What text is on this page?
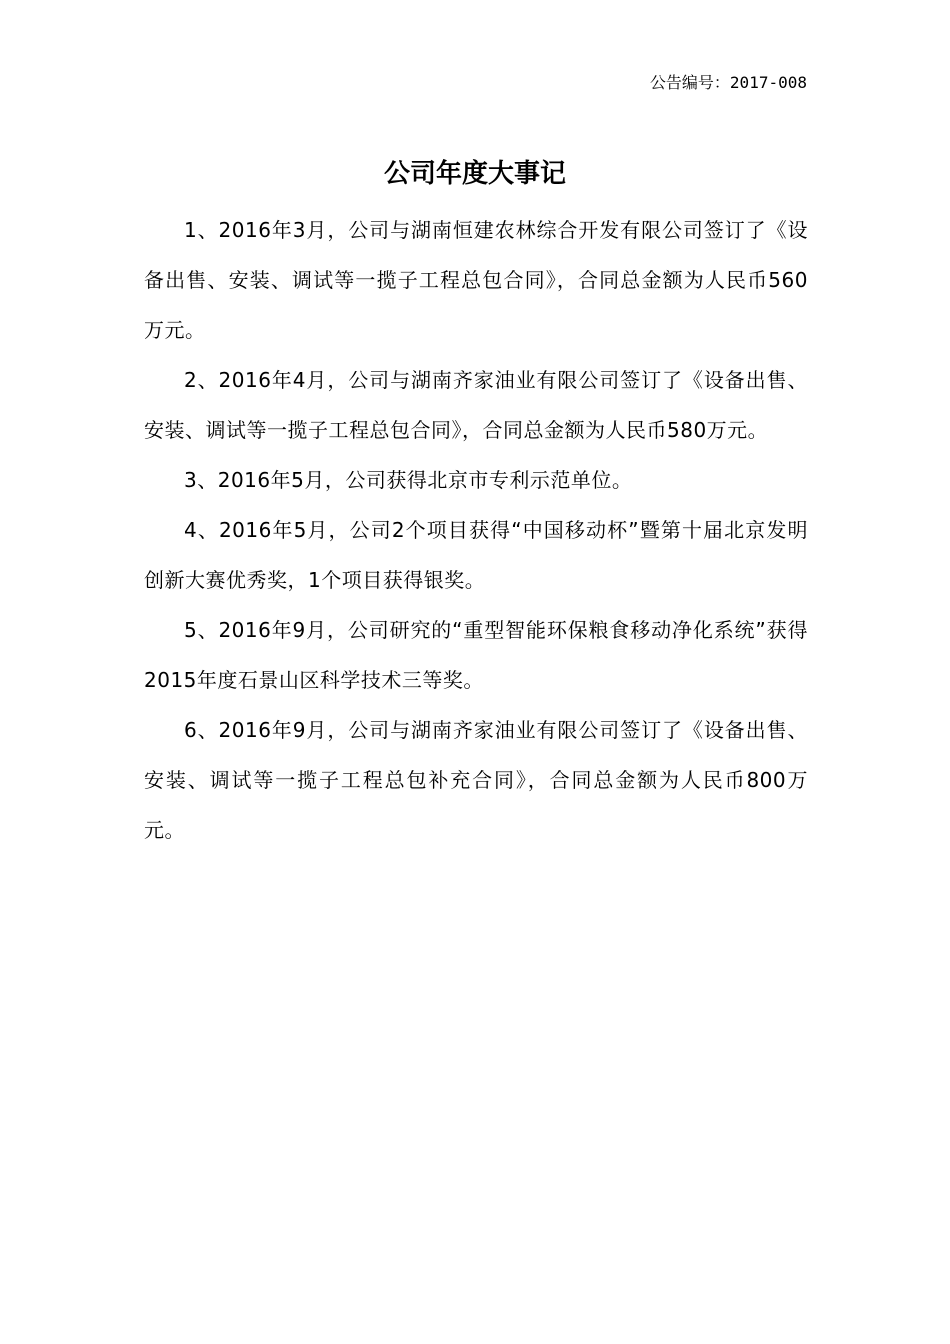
公告编号：2017-008
公司年度大事记

1、2016年3月，公司与湖南恒建农林综合开发有限公司签订了《设备出售、安装、调试等一揽子工程总包合同》，合同总金额为人民币560万元。

2、2016年4月，公司与湖南齐家油业有限公司签订了《设备出售、安装、调试等一揽子工程总包合同》，合同总金额为人民币580万元。

3、2016年5月，公司获得北京市专利示范单位。

4、2016年5月，公司2个项目获得“中国移动杯”暨第十届北京发明创新大赛优秀奖，1个项目获得银奖。

5、2016年9月，公司研究的“重型智能环保粮食移动净化系统”获得2015年度石景山区科学技术三等奖。

6、2016年9月，公司与湖南齐家油业有限公司签订了《设备出售、安装、调试等一揽子工程总包补充合同》，合同总金额为人民币800万元。
